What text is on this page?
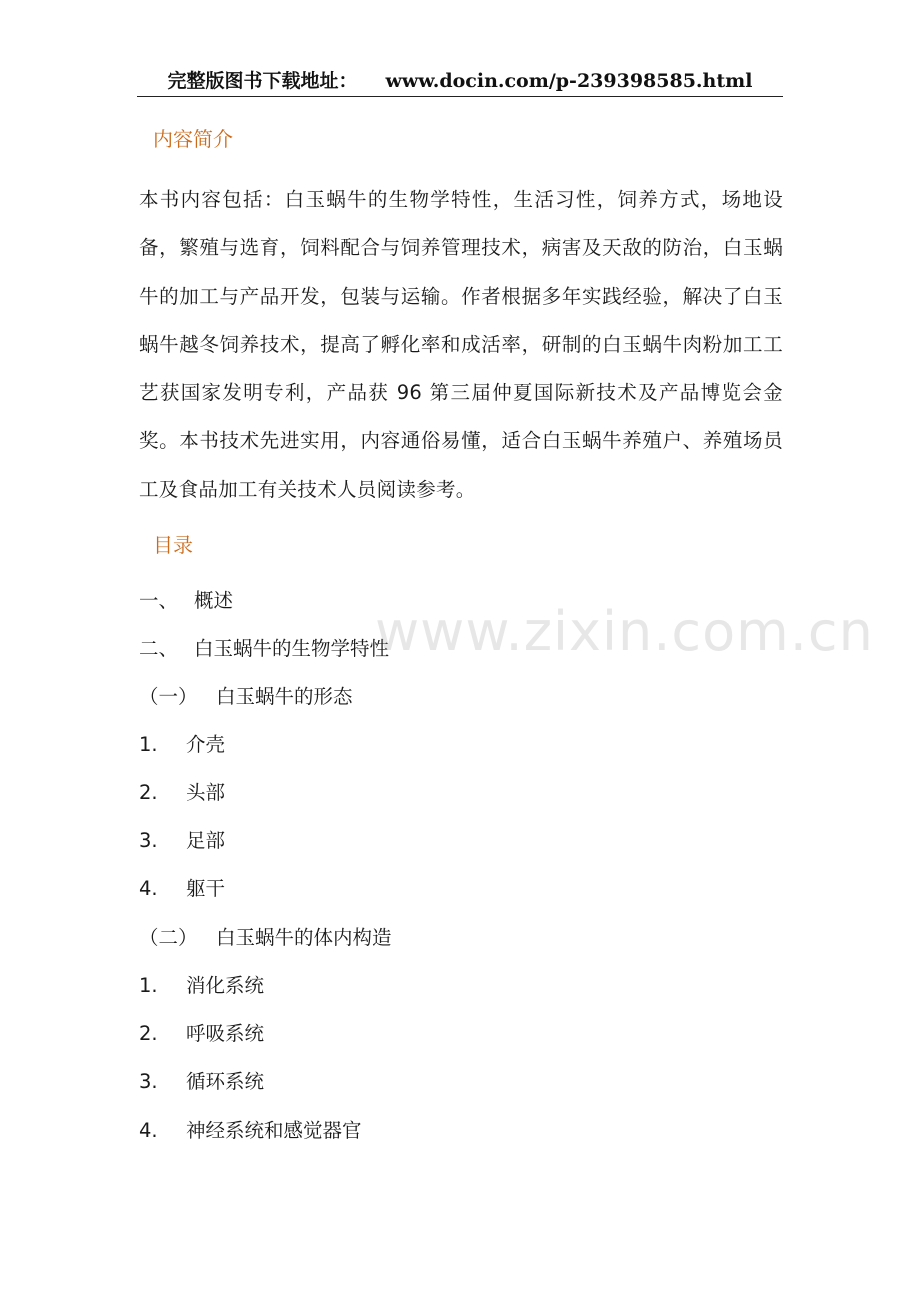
完整版图书下载地址： www.docin.com/p-239398585.html
内容简介

本书内容包括：白玉蜗牛的生物学特性，生活习性，饲养方式，场地设备，繁殖与选育，饲料配合与饲养管理技术，病害及天敌的防治，白玉蜗牛的加工与产品开发，包装与运输。作者根据多年实践经验，解决了白玉蜗牛越冬饲养技术，提高了孵化率和成活率，研制的白玉蜗牛肉粉加工工艺获国家发明专利，产品获 96 第三届仲夏国际新技术及产品博览会金奖。本书技术先进实用，内容通俗易懂，适合白玉蜗牛养殖户、养殖场员工及食品加工有关技术人员阅读参考。

目录
一、 概述
二、 白玉蜗牛的生物学特性
（一） 白玉蜗牛的形态
1. 介壳
2. 头部
3. 足部
4. 躯干
（二） 白玉蜗牛的体内构造
1. 消化系统
2. 呼吸系统
3. 循环系统
4. 神经系统和感觉器官
www.zixin.com.cn
